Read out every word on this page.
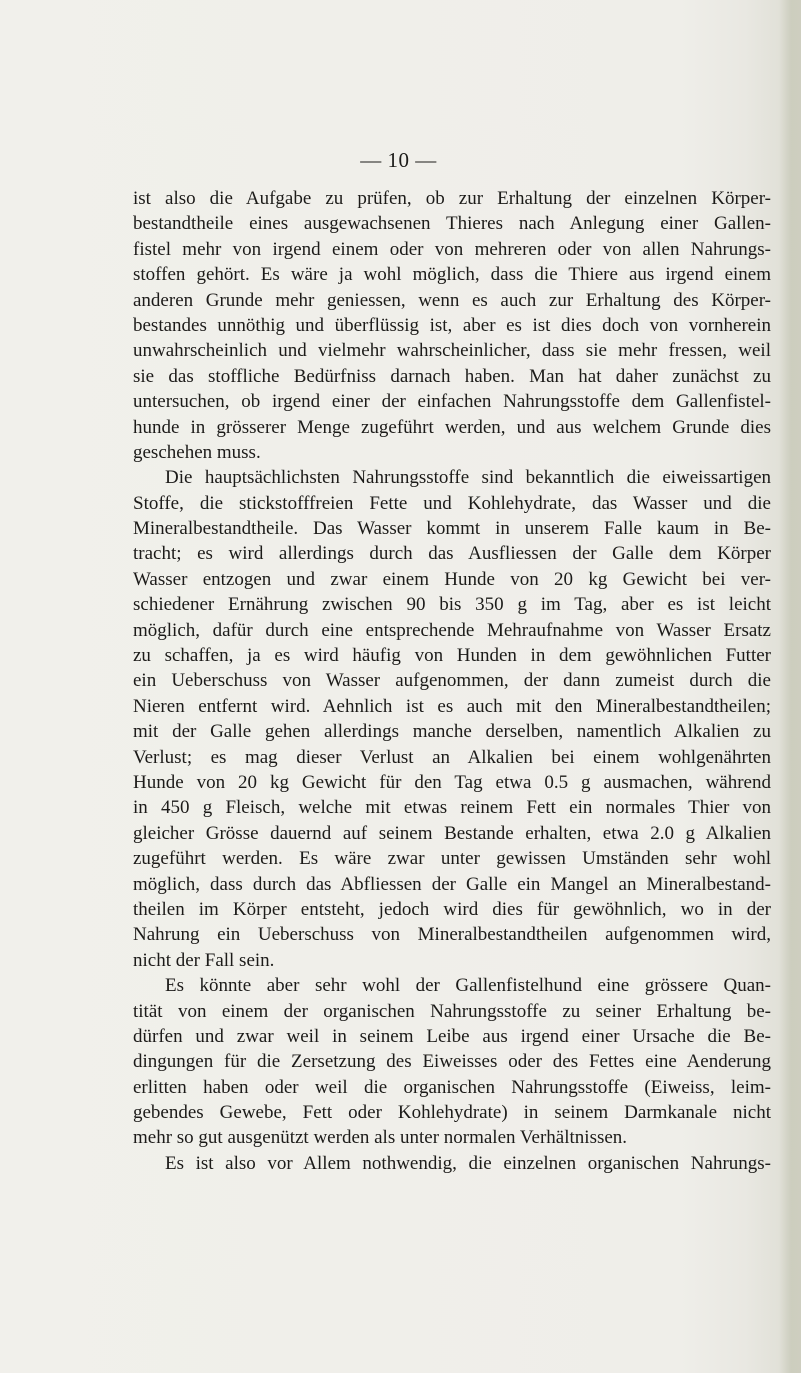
— 10 —
ist also die Aufgabe zu prüfen, ob zur Erhaltung der einzelnen Körper-
bestandtheile eines ausgewachsenen Thieres nach Anlegung einer Gallen-
fistel mehr von irgend einem oder von mehreren oder von allen Nahrungs-
stoffen gehört. Es wäre ja wohl möglich, dass die Thiere aus irgend einem
anderen Grunde mehr geniessen, wenn es auch zur Erhaltung des Körper-
bestandes unnöthig und überflüssig ist, aber es ist dies doch von vornherein
unwahrscheinlich und vielmehr wahrscheinlicher, dass sie mehr fressen, weil
sie das stoffliche Bedürfniss darnach haben. Man hat daher zunächst zu
untersuchen, ob irgend einer der einfachen Nahrungsstoffe dem Gallenfistel-
hunde in grösserer Menge zugeführt werden, und aus welchem Grunde dies
geschehen muss.
Die hauptsächlichsten Nahrungsstoffe sind bekanntlich die eiweissartigen
Stoffe, die stickstofffreien Fette und Kohlehydrate, das Wasser und die
Mineralbestandtheile. Das Wasser kommt in unserem Falle kaum in Be-
tracht; es wird allerdings durch das Ausfliessen der Galle dem Körper
Wasser entzogen und zwar einem Hunde von 20 kg Gewicht bei ver-
schiedener Ernährung zwischen 90 bis 350 g im Tag, aber es ist leicht
möglich, dafür durch eine entsprechende Mehraufnahme von Wasser Ersatz
zu schaffen, ja es wird häufig von Hunden in dem gewöhnlichen Futter
ein Ueberschuss von Wasser aufgenommen, der dann zumeist durch die
Nieren entfernt wird. Aehnlich ist es auch mit den Mineralbestandtheilen;
mit der Galle gehen allerdings manche derselben, namentlich Alkalien zu
Verlust; es mag dieser Verlust an Alkalien bei einem wohlgenährten
Hunde von 20 kg Gewicht für den Tag etwa 0.5 g ausmachen, während
in 450 g Fleisch, welche mit etwas reinem Fett ein normales Thier von
gleicher Grösse dauernd auf seinem Bestande erhalten, etwa 2.0 g Alkalien
zugeführt werden. Es wäre zwar unter gewissen Umständen sehr wohl
möglich, dass durch das Abfliessen der Galle ein Mangel an Mineralbestand-
theilen im Körper entsteht, jedoch wird dies für gewöhnlich, wo in der
Nahrung ein Ueberschuss von Mineralbestandtheilen aufgenommen wird,
nicht der Fall sein.
Es könnte aber sehr wohl der Gallenfistelhund eine grössere Quan-
tität von einem der organischen Nahrungsstoffe zu seiner Erhaltung be-
dürfen und zwar weil in seinem Leibe aus irgend einer Ursache die Be-
dingungen für die Zersetzung des Eiweisses oder des Fettes eine Aenderung
erlitten haben oder weil die organischen Nahrungsstoffe (Eiweiss, leim-
gebendes Gewebe, Fett oder Kohlehydrate) in seinem Darmkanale nicht
mehr so gut ausgenützt werden als unter normalen Verhältnissen.
Es ist also vor Allem nothwendig, die einzelnen organischen Nahrungs-
